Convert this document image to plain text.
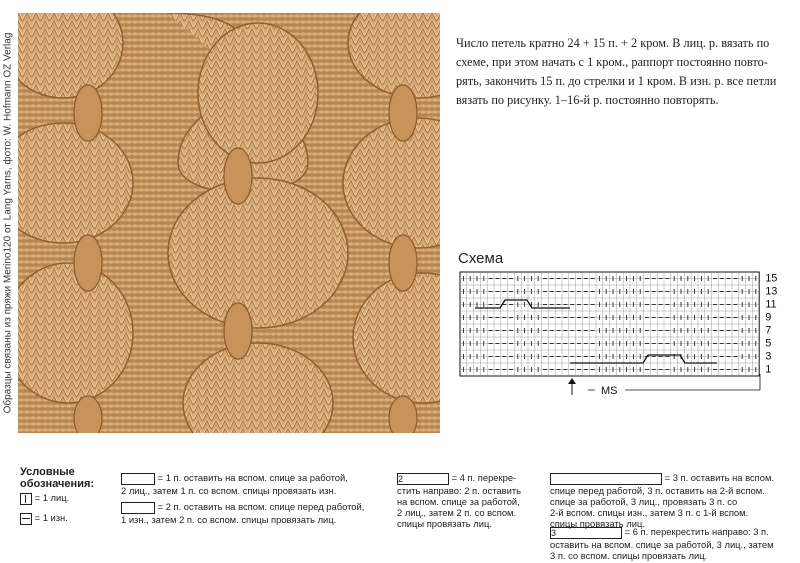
Образцы связаны из пряжи Merino120 от Lang Yarns, фото: W. Hofmann OZ Verlag	Число петель кратно 24 + 15 п. + 2 кром. В лиц. р. вязать по
схеме, при этом начать с 1 кром., раппорт постоянно повто-
рять, закончить 15 п. до стрелки и 1 кром. В изн. р. все петли
вязать по рисунку. 1–16-й р. постоянно повторять.
Схема
15
13
11
9
7
5
3
1
MS
Условные
обозначения:
= 1 лиц.
= 1 изн.
= 1 п. оставить на вспом. спице за работой,
2 лиц., затем 1 п. со вспом. спицы провязать изн.
= 2 п. оставить на вспом. спице перед работой,
1 изн., затем 2 п. со вспом. спицы провязать лиц.
2	= 4 п. перекре-
стить направо: 2 п. оставить
на вспом. спице за работой,
2 лиц., затем 2 п. со вспом.
спицы провязать лиц.
= 3 п. оставить на вспом.
спице перед работой, 3 п. оставить на 2-й вспом.
спице за работой, 3 лиц., провязать 3 п. со
2-й вспом. спицы изн., затем 3 п. с 1-й вспом.
спицы провязать лиц.
3	= 6 п. перекрестить направо: 3 п.
оставить на вспом. спице за работой, 3 лиц., затем
3 п. со вспом. спицы провязать лиц.
